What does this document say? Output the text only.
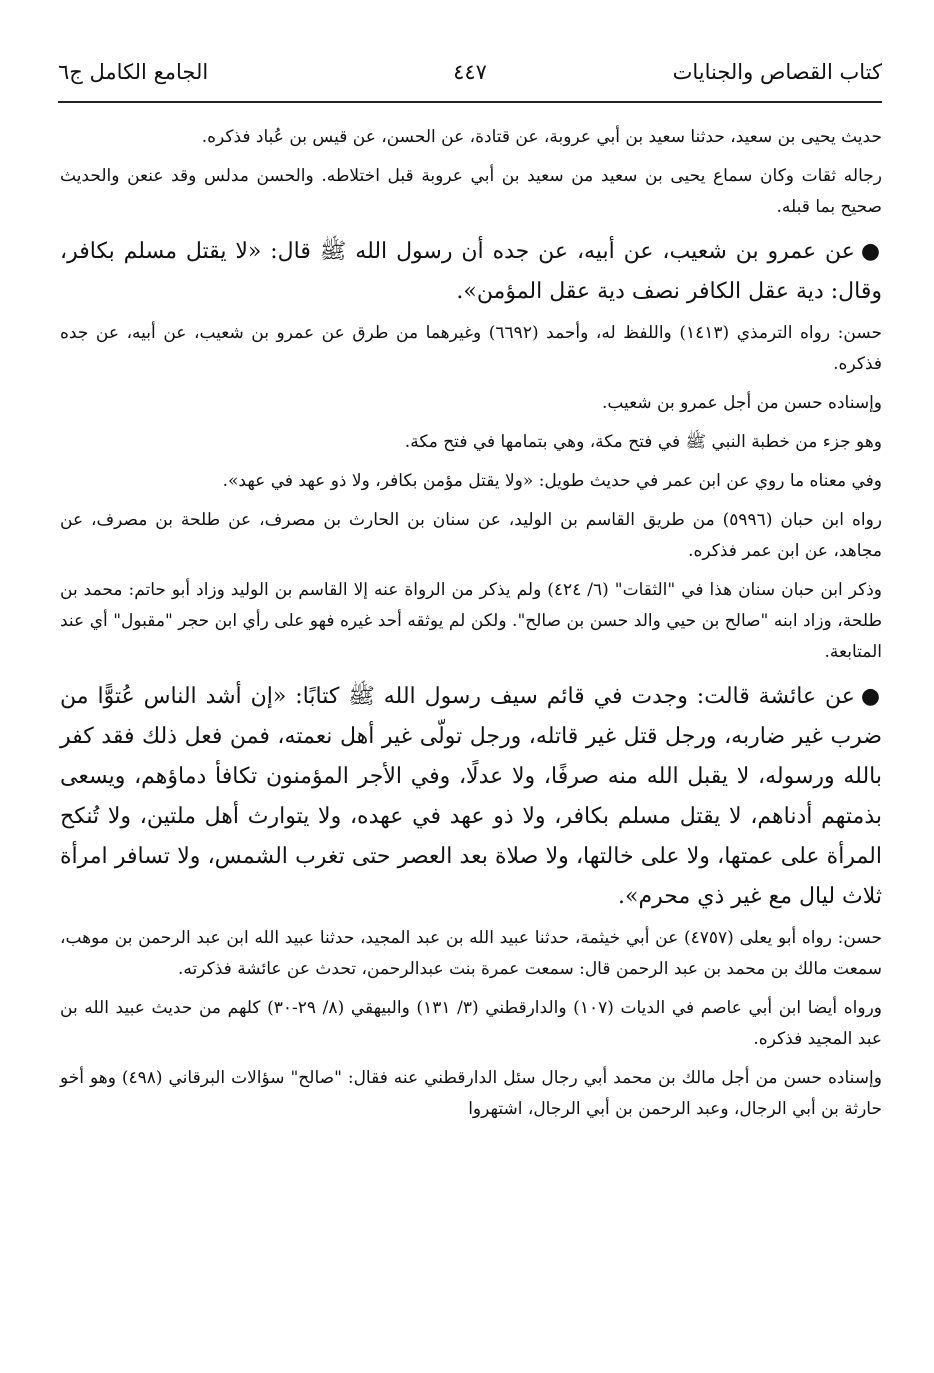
كتاب القصاص والجنايات
٤٤٧
الجامع الكامل ج٦

حديث يحيى بن سعيد، حدثنا سعيد بن أبي عروبة، عن قتادة، عن الحسن، عن قيس بن عُباد فذكره.

رجاله ثقات وكان سماع يحيى بن سعيد من سعيد بن أبي عروبة قبل اختلاطه. والحسن مدلس وقد عنعن والحديث صحيح بما قبله.

●عن عمرو بن شعيب، عن أبيه، عن جده أن رسول الله ﷺ قال: «لا يقتل مسلم بكافر، وقال: دية عقل الكافر نصف دية عقل المؤمن».

حسن: رواه الترمذي (١٤١٣) واللفظ له، وأحمد (٦٦٩٢) وغيرهما من طرق عن عمرو بن شعيب، عن أبيه، عن جده فذكره.

وإسناده حسن من أجل عمرو بن شعيب.

وهو جزء من خطبة النبي ﷺ في فتح مكة، وهي بتمامها في فتح مكة.

وفي معناه ما روي عن ابن عمر في حديث طويل: «ولا يقتل مؤمن بكافر، ولا ذو عهد في عهد».

رواه ابن حبان (٥٩٩٦) من طريق القاسم بن الوليد، عن سنان بن الحارث بن مصرف، عن طلحة بن مصرف، عن مجاهد، عن ابن عمر فذكره.

وذكر ابن حبان سنان هذا في "الثقات" (٦/ ٤٢٤) ولم يذكر من الرواة عنه إلا القاسم بن الوليد وزاد أبو حاتم: محمد بن طلحة، وزاد ابنه "صالح بن حيي والد حسن بن صالح". ولكن لم يوثقه أحد غيره فهو على رأي ابن حجر "مقبول" أي عند المتابعة.

●عن عائشة قالت: وجدت في قائم سيف رسول الله ﷺ كتابًا: «إن أشد الناس عُتوًّا من ضرب غير ضاربه، ورجل قتل غير قاتله، ورجل تولّى غير أهل نعمته، فمن فعل ذلك فقد كفر بالله ورسوله، لا يقبل الله منه صرفًا، ولا عدلًا، وفي الأجر المؤمنون تكافأ دماؤهم، ويسعى بذمتهم أدناهم، لا يقتل مسلم بكافر، ولا ذو عهد في عهده، ولا يتوارث أهل ملتين، ولا تُنكح المرأة على عمتها، ولا على خالتها، ولا صلاة بعد العصر حتى تغرب الشمس، ولا تسافر امرأة ثلاث ليال مع غير ذي محرم».

حسن: رواه أبو يعلى (٤٧٥٧) عن أبي خيثمة، حدثنا عبيد الله بن عبد المجيد، حدثنا عبيد الله ابن عبد الرحمن بن موهب، سمعت مالك بن محمد بن عبد الرحمن قال: سمعت عمرة بنت عبدالرحمن، تحدث عن عائشة فذكرته.

ورواه أيضا ابن أبي عاصم في الديات (١٠٧) والدارقطني (٣/ ١٣١) والبيهقي (٨/ ٢٩-٣٠) كلهم من حديث عبيد الله بن عبد المجيد فذكره.

وإسناده حسن من أجل مالك بن محمد أبي رجال سئل الدارقطني عنه فقال: "صالح" سؤالات البرقاني (٤٩٨) وهو أخو حارثة بن أبي الرجال، وعبد الرحمن بن أبي الرجال، اشتهروا
